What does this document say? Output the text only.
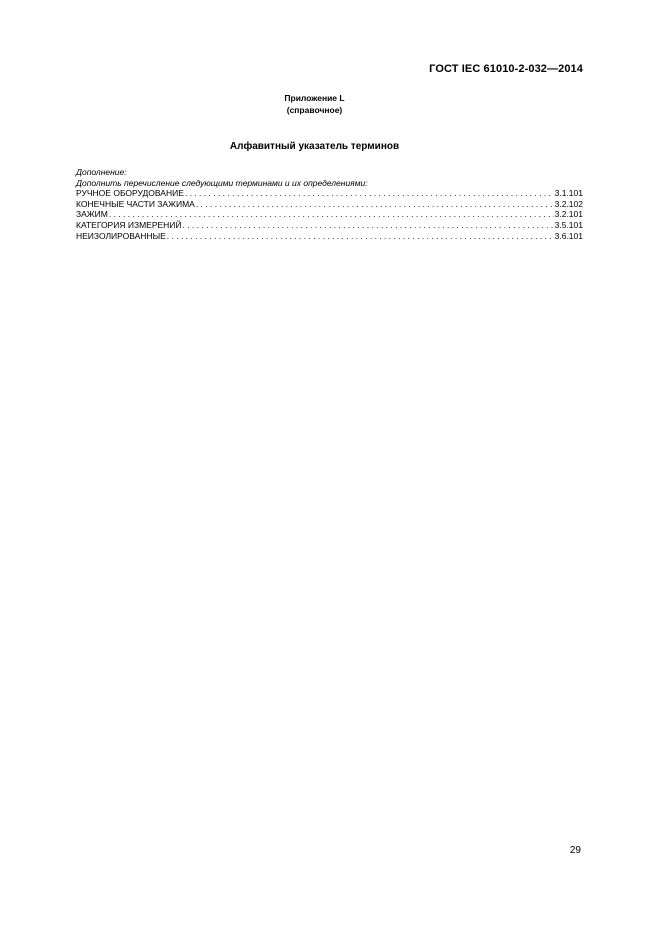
ГОСТ IEC 61010-2-032—2014
Приложение L
(справочное)
Алфавитный указатель терминов
Дополнение:
Дополнить перечисление следующими терминами и их определениями:
РУЧНОЕ ОБОРУДОВАНИЕ . . .	3.1.101
КОНЕЧНЫЕ ЧАСТИ ЗАЖИМА . . .	3.2.102
ЗАЖИМ . . .	3.2.101
КАТЕГОРИЯ ИЗМЕРЕНИЙ . . .	3.5.101
НЕИЗОЛИРОВАННЫЕ . . .	3.6.101
29
